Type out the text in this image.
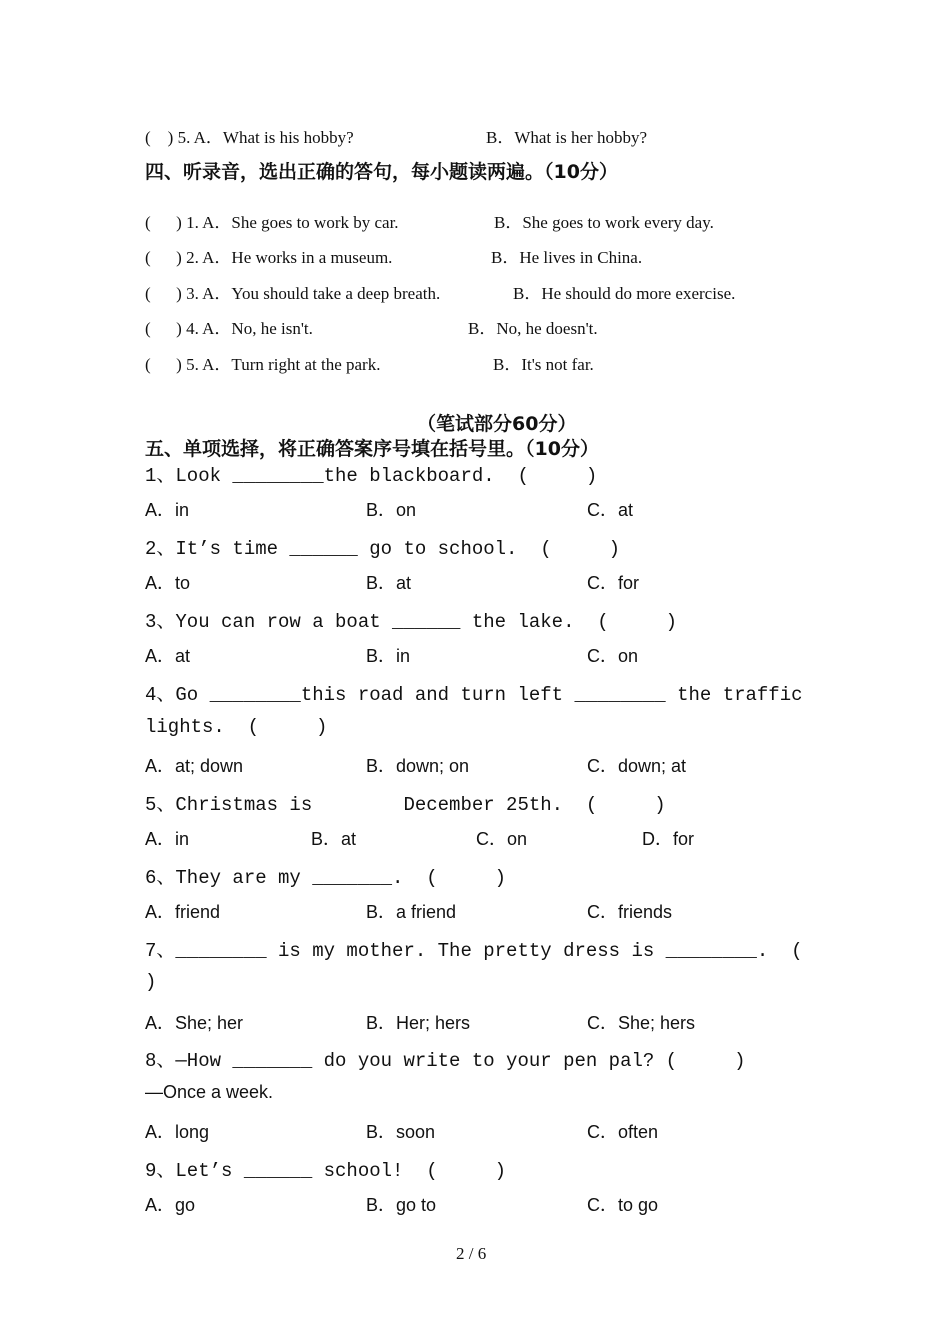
(    ) 5. A．What is his hobby?	B．What is her hobby?
四、听录音，选出正确的答句，每小题读两遍。（10分）
(      ) 1. A．She goes to work by car.	B．She goes to work every day.
(      ) 2. A．He works in a museum.	B．He lives in China.
(      ) 3. A．You should take a deep breath.	B．He should do more exercise.
(      ) 4. A．No, he isn't.	B．No, he doesn't.
(      ) 5. A．Turn right at the park.	B．It's not far.
（笔试部分60分）
五、单项选择，将正确答案序号填在括号里。（10分）
1、Look ________the blackboard.  (     )
A．in	B．on	C．at
2、It’s time ______ go to school.  (     )
A．to	B．at	C．for
3、You can row a boat ______ the lake.  (     )
A．at	B．in	C．on
4、Go ________this road and turn left ________ the traffic
lights.  (     )
A．at; down	B．down; on	C．down; at
5、Christmas is        December 25th.  (     )
A．in	B．at	C．on	D．for
6、They are my _______.  (     )
A．friend	B．a friend	C．friends
7、________ is my mother. The pretty dress is ________.  (
)
A．She; her	B．Her; hers	C．She; hers
8、—How _______ do you write to your pen pal? (     )
—Once a week.
A．long	B．soon	C．often
9、Let’s ______ school!  (     )
A．go	B．go to	C．to go
2 / 6
